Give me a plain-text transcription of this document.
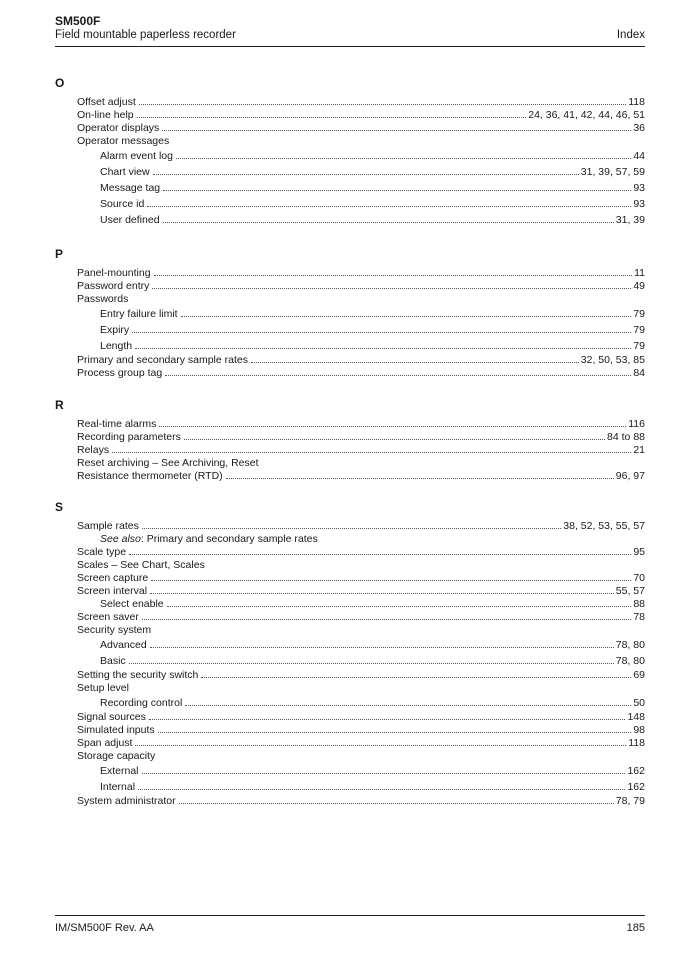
SM500F
Field mountable paperless recorder	Index
O
Offset adjust	118
On-line help	24, 36, 41, 42, 44, 46, 51
Operator displays	36
Operator messages
Alarm event log	44
Chart view	31, 39, 57, 59
Message tag	93
Source id	93
User defined	31, 39
P
Panel-mounting	11
Password entry	49
Passwords
Entry failure limit	79
Expiry	79
Length	79
Primary and secondary sample rates	32, 50, 53, 85
Process group tag	84
R
Real-time alarms	116
Recording parameters	84 to 88
Relays	21
Reset archiving – See Archiving, Reset
Resistance thermometer (RTD)	96, 97
S
Sample rates	38, 52, 53, 55, 57
See also: Primary and secondary sample rates
Scale type	95
Scales – See Chart, Scales
Screen capture	70
Screen interval	55, 57
Select enable	88
Screen saver	78
Security system
Advanced	78, 80
Basic	78, 80
Setting the security switch	69
Setup level
Recording control	50
Signal sources	148
Simulated inputs	98
Span adjust	118
Storage capacity
External	162
Internal	162
System administrator	78, 79
IM/SM500F Rev. AA	185
